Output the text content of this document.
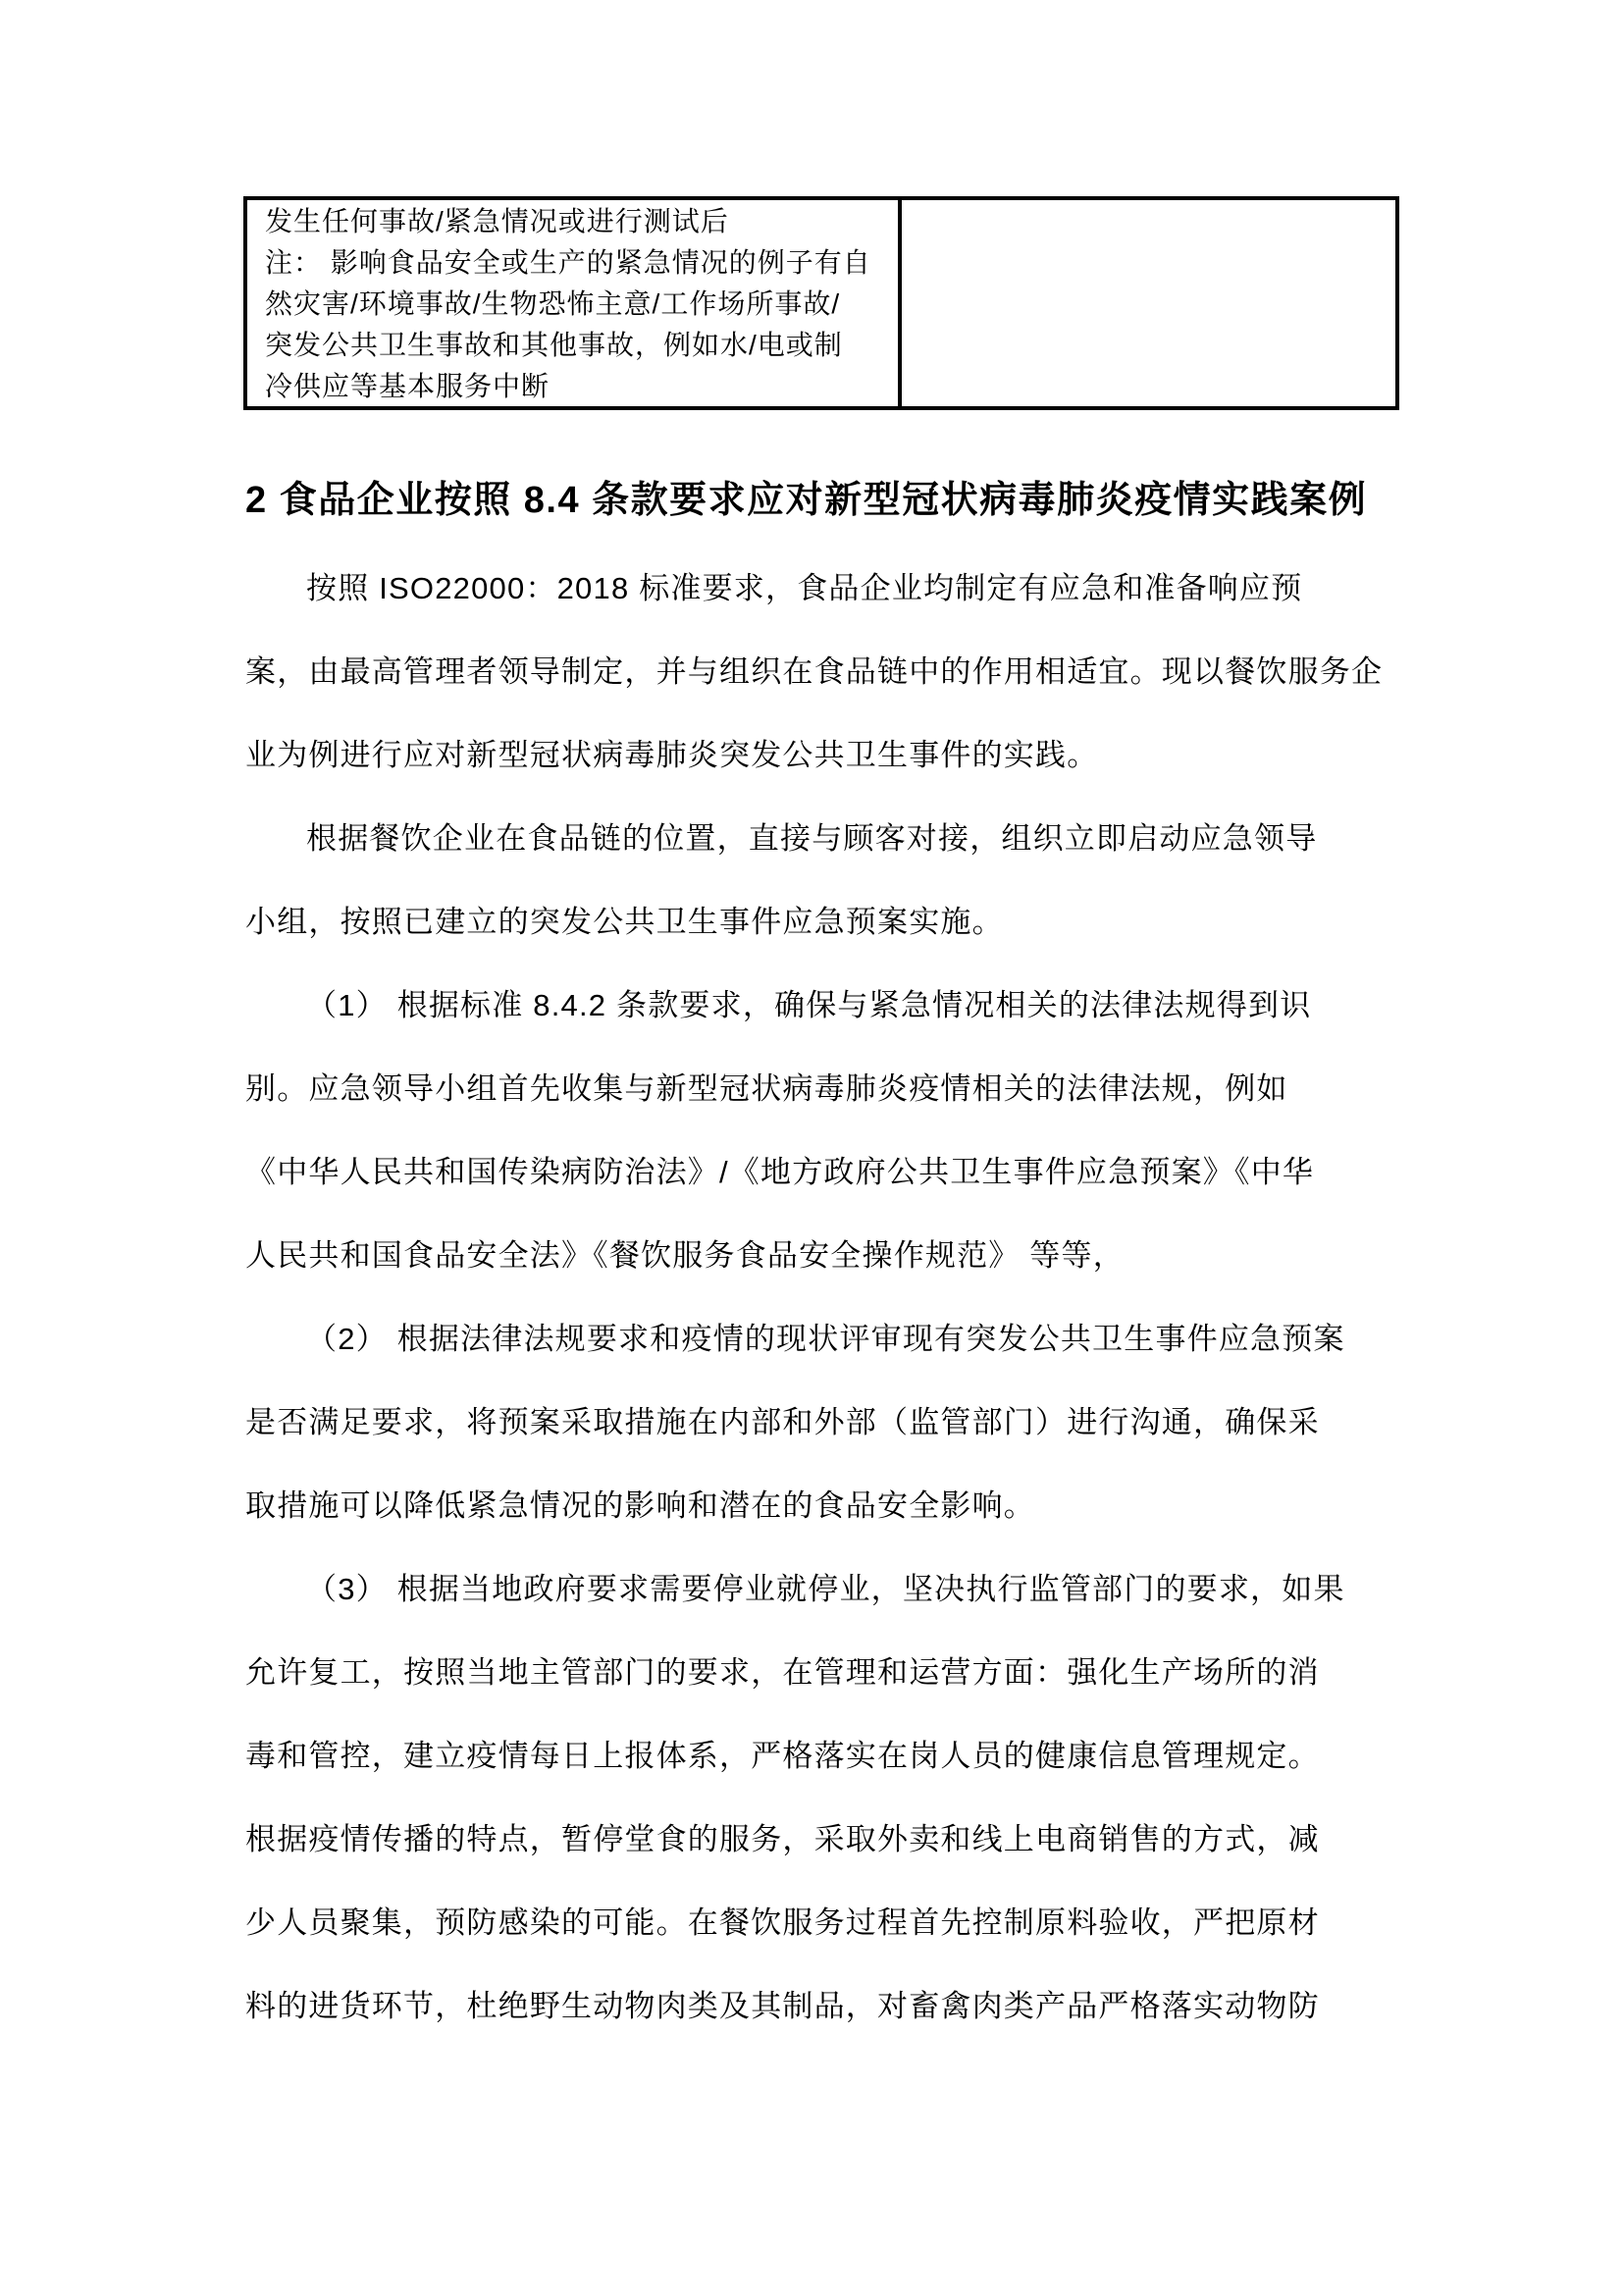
发生任何事故/紧急情况或进行测试后
注： 影响食品安全或生产的紧急情况的例子有自
然灾害/环境事故/生物恐怖主意/工作场所事故/
突发公共卫生事故和其他事故，例如水/电或制
冷供应等基本服务中断
2 食品企业按照 8.4 条款要求应对新型冠状病毒肺炎疫情实践案例
按照 ISO22000：2018 标准要求，食品企业均制定有应急和准备响应预
案，由最高管理者领导制定，并与组织在食品链中的作用相适宜。现以餐饮服务企
业为例进行应对新型冠状病毒肺炎突发公共卫生事件的实践。
根据餐饮企业在食品链的位置，直接与顾客对接，组织立即启动应急领导
小组，按照已建立的突发公共卫生事件应急预案实施。
（1） 根据标准 8.4.2 条款要求，确保与紧急情况相关的法律法规得到识
别。应急领导小组首先收集与新型冠状病毒肺炎疫情相关的法律法规，例如
《中华人民共和国传染病防治法》/《地方政府公共卫生事件应急预案》《中华
人民共和国食品安全法》《餐饮服务食品安全操作规范》 等等，
（2） 根据法律法规要求和疫情的现状评审现有突发公共卫生事件应急预案
是否满足要求，将预案采取措施在内部和外部（监管部门）进行沟通，确保采
取措施可以降低紧急情况的影响和潜在的食品安全影响。
（3） 根据当地政府要求需要停业就停业，坚决执行监管部门的要求，如果
允许复工，按照当地主管部门的要求，在管理和运营方面：强化生产场所的消
毒和管控，建立疫情每日上报体系，严格落实在岗人员的健康信息管理规定。
根据疫情传播的特点，暂停堂食的服务，采取外卖和线上电商销售的方式，减
少人员聚集，预防感染的可能。在餐饮服务过程首先控制原料验收，严把原材
料的进货环节，杜绝野生动物肉类及其制品，对畜禽肉类产品严格落实动物防
